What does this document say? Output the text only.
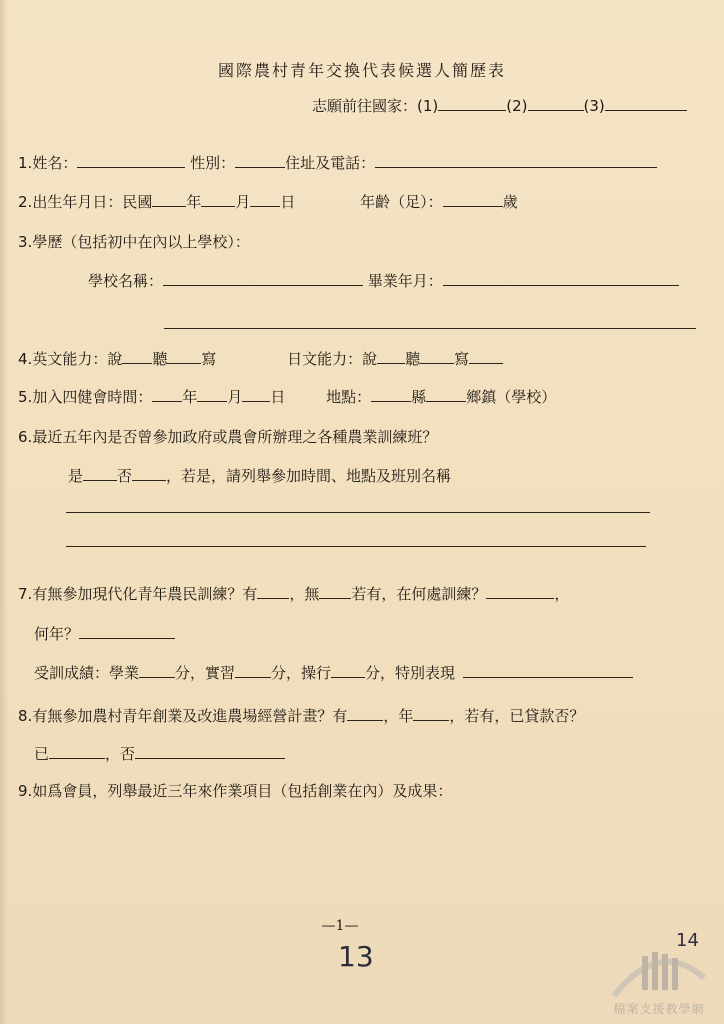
國際農村青年交換代表候選人簡歷表
志願前往國家：(1)	(2)	(3)
1.姓名：	性別：	住址及電話：
2.出生年月日：民國 年 月 日	年齡（足）：	歲
3.學歷（包括初中在內以上學校）：
學校名稱：	畢業年月：
4.英文能力：說 聽 寫	日文能力：說 聽 寫
5.加入四健會時間： 年 月 日	地點：	縣	鄉鎮（學校）
6.最近五年內是否曾參加政府或農會所辦理之各種農業訓練班？
是 否 ，若是，請列舉參加時間、地點及班別名稱
7.有無參加現代化青年農民訓練？有 ，無 若有，在何處訓練？	，
何年？
受訓成績：學業 分，實習 分，操行 分，特別表現
8.有無參加農村青年創業及改進農場經營計畫？有 ，年 ，若有，已貸款否？
已	，否
9.如爲會員，列舉最近三年來作業項目（包括創業在內）及成果：
—1—
13	14
檔案支援教學網
